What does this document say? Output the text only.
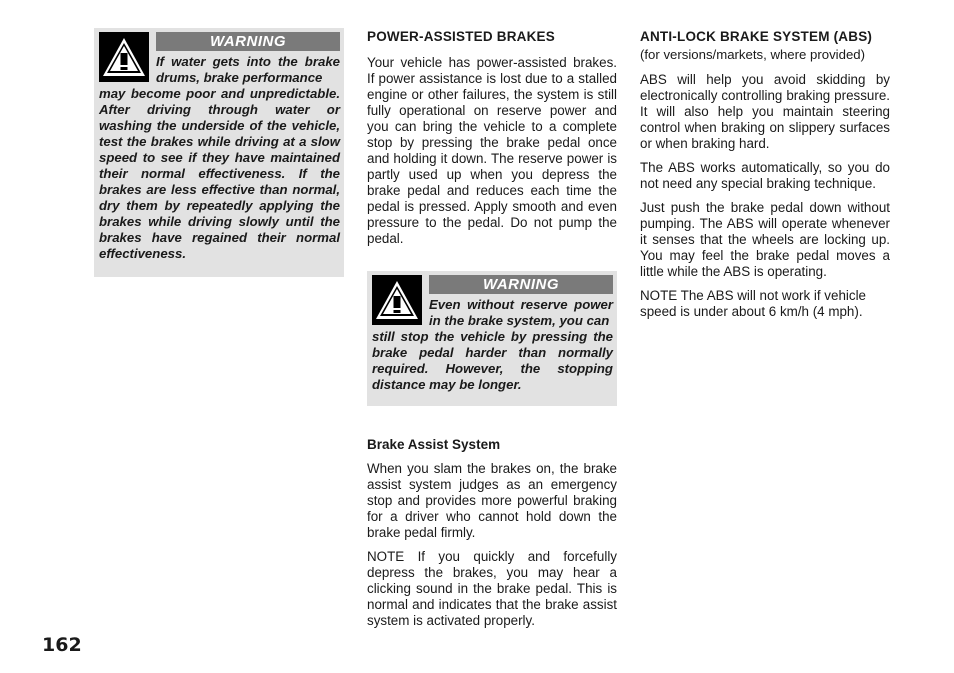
WARNING

If water gets into the brake drums, brake performance

may become poor and unpredictable. After driving through water or washing the underside of the vehicle, test the brakes while driving at a slow speed to see if they have maintained their normal effectiveness. If the brakes are less effective than normal, dry them by repeatedly applying the brakes while driving slowly until the brakes have regained their normal effectiveness.

POWER-ASSISTED BRAKES

Your vehicle has power-assisted brakes. If power assistance is lost due to a stalled engine or other failures, the system is still fully operational on reserve power and you can bring the vehicle to a complete stop by pressing the brake pedal once and holding it down. The reserve power is partly used up when you depress the brake pedal and reduces each time the pedal is pressed. Apply smooth and even pressure to the pedal. Do not pump the pedal.

WARNING

Even without reserve power in the brake system, you can

still stop the vehicle by pressing the brake pedal harder than normally required. However, the stopping distance may be longer.

Brake Assist System

When you slam the brakes on, the brake assist system judges as an emergency stop and provides more powerful braking for a driver who cannot hold down the brake pedal firmly.

NOTE If you quickly and forcefully depress the brakes, you may hear a clicking sound in the brake pedal. This is normal and indicates that the brake assist system is activated properly.

ANTI-LOCK BRAKE SYSTEM (ABS)

(for versions/markets, where provided)

ABS will help you avoid skidding by electronically controlling braking pressure. It will also help you maintain steering control when braking on slippery surfaces or when braking hard.

The ABS works automatically, so you do not need any special braking technique.

Just push the brake pedal down without pumping. The ABS will operate whenever it senses that the wheels are locking up. You may feel the brake pedal moves a little while the ABS is operating.

NOTE The ABS will not work if vehicle speed is under about 6 km/h (4 mph).

162
